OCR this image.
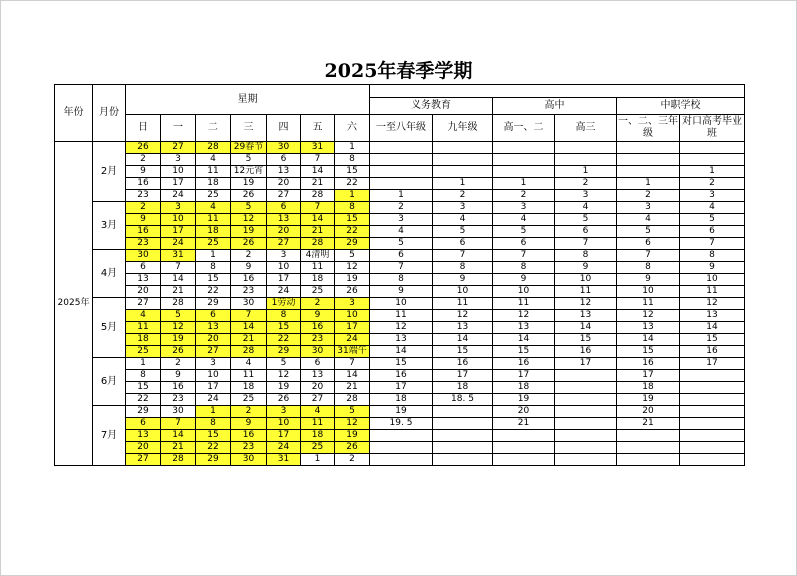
2025年春季学期
年份	月份	星期												
									义务教育		高中		中职学校	
		日	一	二	三	四	五	六	一至八年级	九年级	高一、二	高三	一、二、三年级	对口高考毕业班
2025年	2月	26	27	28	29春节	30	31	1						
		2	3	4	5	6	7	8						
		9	10	11	12元宵	13	14	15				1		1
		16	17	18	19	20	21	22		1	1	2	1	2
		23	24	25	26	27	28	1	1	2	2	3	2	3
	3月	2	3	4	5	6	7	8	2	3	3	4	3	4
		9	10	11	12	13	14	15	3	4	4	5	4	5
		16	17	18	19	20	21	22	4	5	5	6	5	6
		23	24	25	26	27	28	29	5	6	6	7	6	7
	4月	30	31	1	2	3	4清明	5	6	7	7	8	7	8
		6	7	8	9	10	11	12	7	8	8	9	8	9
		13	14	15	16	17	18	19	8	9	9	10	9	10
		20	21	22	23	24	25	26	9	10	10	11	10	11
	5月	27	28	29	30	1劳动	2	3	10	11	11	12	11	12
		4	5	6	7	8	9	10	11	12	12	13	12	13
		11	12	13	14	15	16	17	12	13	13	14	13	14
		18	19	20	21	22	23	24	13	14	14	15	14	15
		25	26	27	28	29	30	31端午	14	15	15	16	15	16
	6月	1	2	3	4	5	6	7	15	16	16	17	16	17
		8	9	10	11	12	13	14	16	17	17		17	
		15	16	17	18	19	20	21	17	18	18		18	
		22	23	24	25	26	27	28	18	18. 5	19		19	
	7月	29	30	1	2	3	4	5	19		20		20	
		6	7	8	9	10	11	12	19. 5		21		21	
		13	14	15	16	17	18	19						
		20	21	22	23	24	25	26						
		27	28	29	30	31	1	2						
